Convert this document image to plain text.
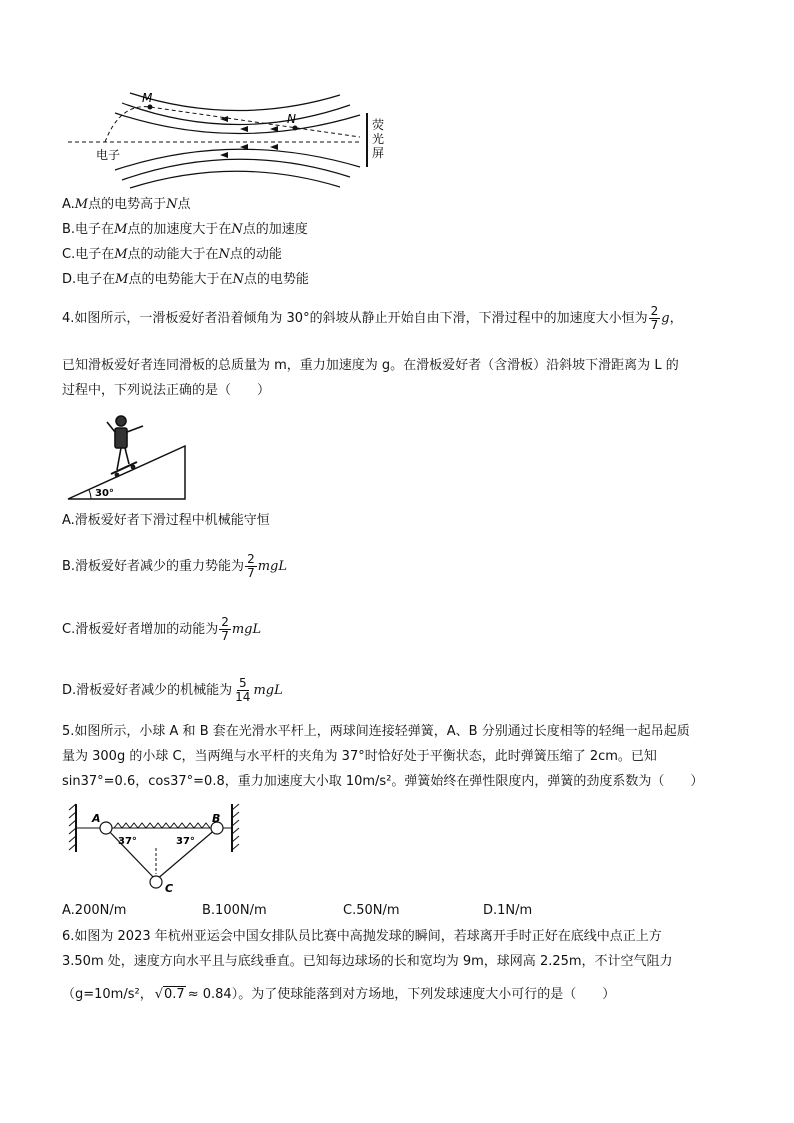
M
N
电子
荧
光
屏
A.M点的电势高于N点
B.电子在M点的加速度大于在N点的加速度
C.电子在M点的动能大于在N点的动能
D.电子在M点的电势能大于在N点的电势能
4.如图所示，一滑板爱好者沿着倾角为 30°的斜坡从静止开始自由下滑，下滑过程中的加速度大小恒为 $\frac{2}{7}$ g，
已知滑板爱好者连同滑板的总质量为 m，重力加速度为 g。在滑板爱好者（含滑板）沿斜坡下滑距离为 L 的
过程中，下列说法正确的是（　　）
30°
A.滑板爱好者下滑过程中机械能守恒
B.滑板爱好者减少的重力势能为 $\frac{2}{7}$ mgL
C.滑板爱好者增加的动能为 $\frac{2}{7}$ mgL
D.滑板爱好者减少的机械能为 $\frac{5}{14}$ mgL
5.如图所示，小球 A 和 B 套在光滑水平杆上，两球间连接轻弹簧，A、B 分别通过长度相等的轻绳一起吊起质
量为 300g 的小球 C，当两绳与水平杆的夹角为 37°时恰好处于平衡状态，此时弹簧压缩了 2cm。已知
sin37°=0.6，cos37°=0.8，重力加速度大小取 10m/s²。弹簧始终在弹性限度内，弹簧的劲度系数为（　　）
A	B
C
37°	37°
A.200N/m	B.100N/m	C.50N/m	D.1N/m
6.如图为 2023 年杭州亚运会中国女排队员比赛中高抛发球的瞬间，若球离开手时正好在底线中点正上方
3.50m 处，速度方向水平且与底线垂直。已知每边球场的长和宽均为 9m，球网高 2.25m，不计空气阻力
（g=10m/s²， √0.7 ≈ 0.84）。为了使球能落到对方场地，下列发球速度大小可行的是（　　）
